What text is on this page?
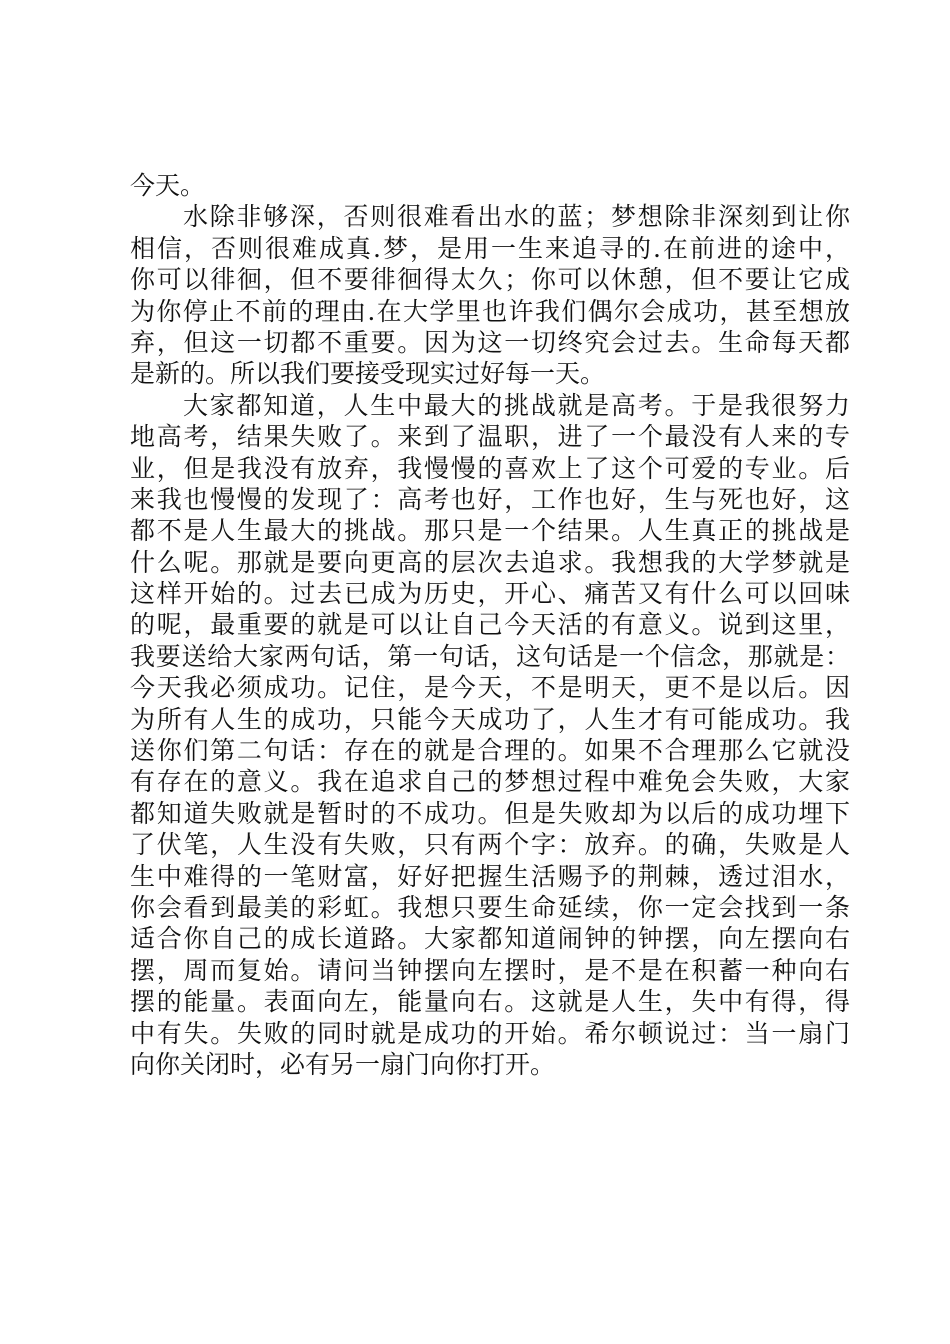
今天。
水除非够深，否则很难看出水的蓝；梦想除非深刻到让你
相信，否则很难成真.梦，是用一生来追寻的.在前进的途中，
你可以徘徊，但不要徘徊得太久；你可以休憩，但不要让它成
为你停止不前的理由.在大学里也许我们偶尔会成功，甚至想放
弃，但这一切都不重要。因为这一切终究会过去。生命每天都
是新的。所以我们要接受现实过好每一天。
大家都知道，人生中最大的挑战就是高考。于是我很努力
地高考，结果失败了。来到了温职，进了一个最没有人来的专
业，但是我没有放弃，我慢慢的喜欢上了这个可爱的专业。后
来我也慢慢的发现了：高考也好，工作也好，生与死也好，这
都不是人生最大的挑战。那只是一个结果。人生真正的挑战是
什么呢。那就是要向更高的层次去追求。我想我的大学梦就是
这样开始的。过去已成为历史，开心、痛苦又有什么可以回味
的呢，最重要的就是可以让自己今天活的有意义。说到这里，
我要送给大家两句话，第一句话，这句话是一个信念，那就是：
今天我必须成功。记住，是今天，不是明天，更不是以后。因
为所有人生的成功，只能今天成功了，人生才有可能成功。我
送你们第二句话：存在的就是合理的。如果不合理那么它就没
有存在的意义。我在追求自己的梦想过程中难免会失败，大家
都知道失败就是暂时的不成功。但是失败却为以后的成功埋下
了伏笔，人生没有失败，只有两个字：放弃。的确，失败是人
生中难得的一笔财富，好好把握生活赐予的荆棘，透过泪水，
你会看到最美的彩虹。我想只要生命延续，你一定会找到一条
适合你自己的成长道路。大家都知道闹钟的钟摆，向左摆向右
摆，周而复始。请问当钟摆向左摆时，是不是在积蓄一种向右
摆的能量。表面向左，能量向右。这就是人生，失中有得，得
中有失。失败的同时就是成功的开始。希尔顿说过：当一扇门
向你关闭时，必有另一扇门向你打开。
